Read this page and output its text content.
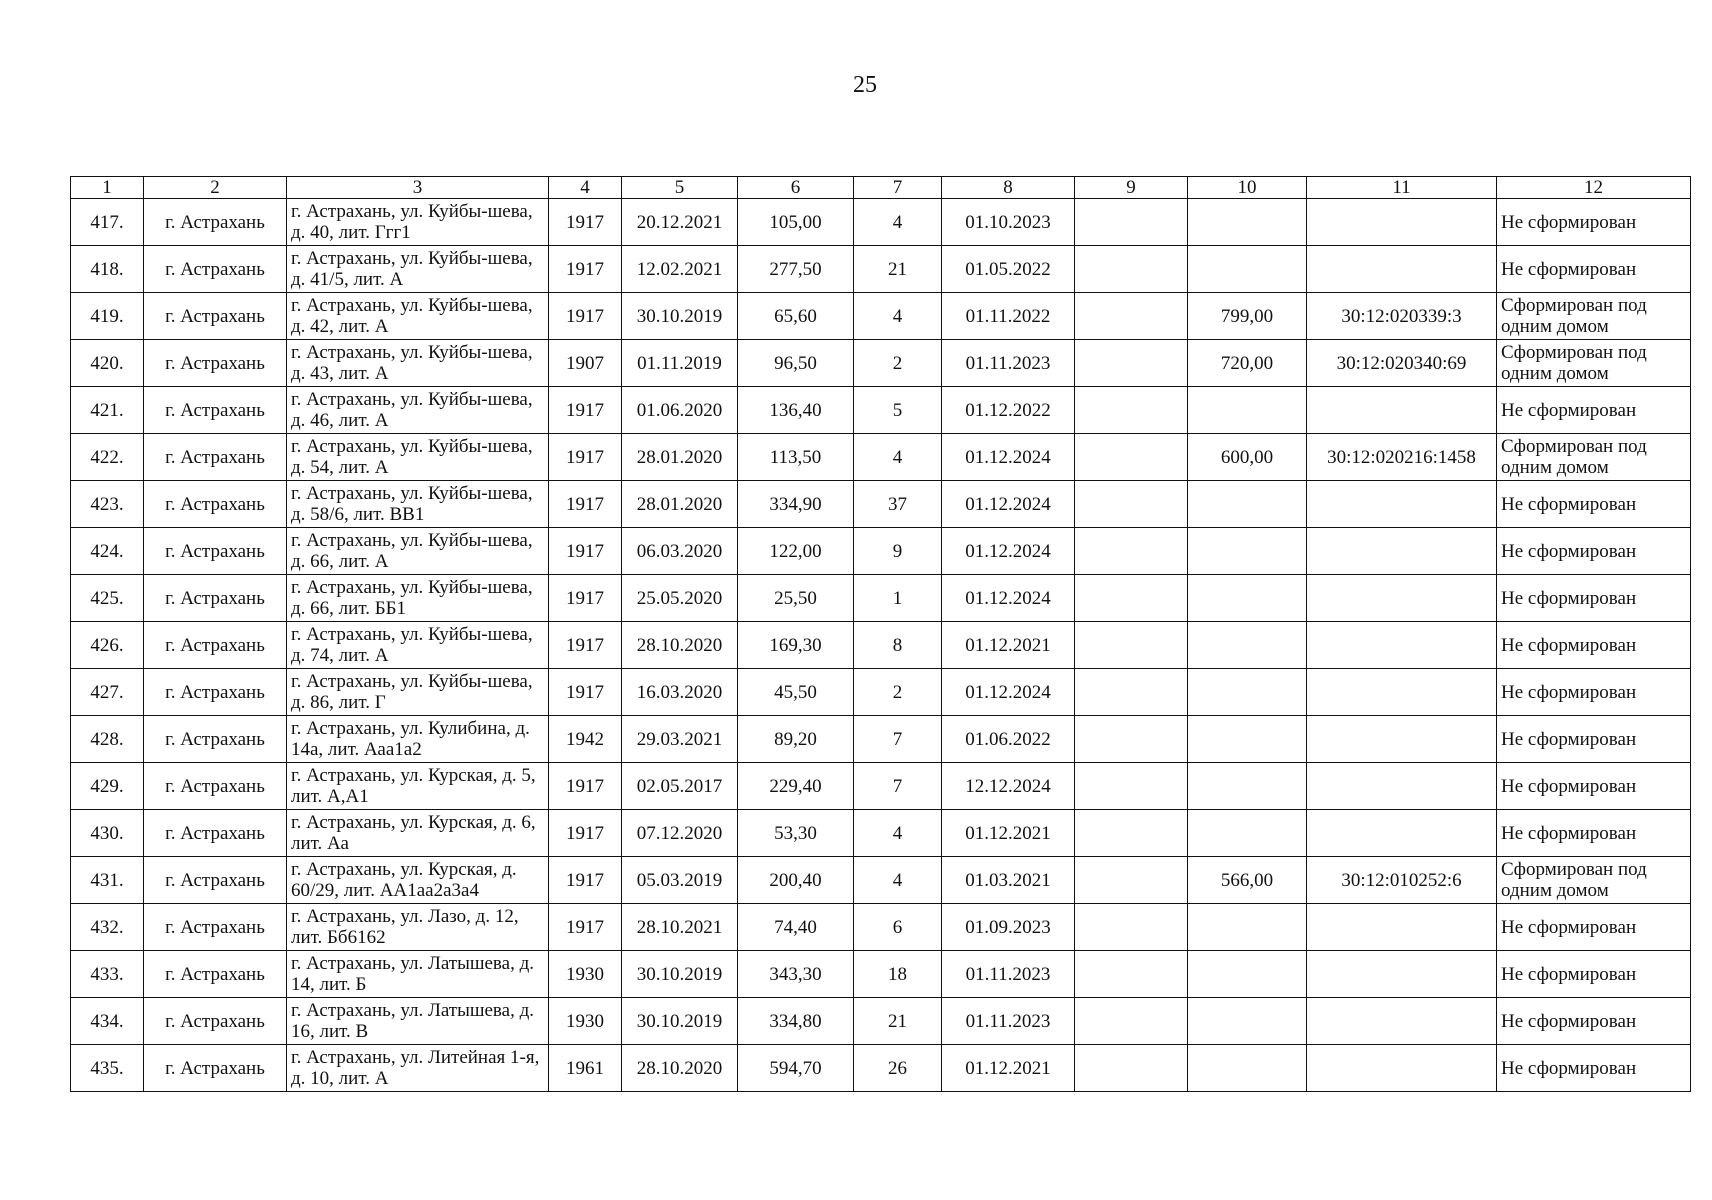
25
1	2	3	4	5	6	7	8	9	10	11	12
417.	г. Астрахань	г. Астрахань, ул. Куйбы-шева, д. 40, лит. Ггг1	1917	20.12.2021	105,00	4	01.10.2023				Не сформирован
418.	г. Астрахань	г. Астрахань, ул. Куйбы-шева, д. 41/5, лит. А	1917	12.02.2021	277,50	21	01.05.2022				Не сформирован
419.	г. Астрахань	г. Астрахань, ул. Куйбы-шева, д. 42, лит. А	1917	30.10.2019	65,60	4	01.11.2022		799,00	30:12:020339:3	Сформирован под одним домом
420.	г. Астрахань	г. Астрахань, ул. Куйбы-шева, д. 43, лит. А	1907	01.11.2019	96,50	2	01.11.2023		720,00	30:12:020340:69	Сформирован под одним домом
421.	г. Астрахань	г. Астрахань, ул. Куйбы-шева, д. 46, лит. А	1917	01.06.2020	136,40	5	01.12.2022				Не сформирован
422.	г. Астрахань	г. Астрахань, ул. Куйбы-шева, д. 54, лит. А	1917	28.01.2020	113,50	4	01.12.2024		600,00	30:12:020216:1458	Сформирован под одним домом
423.	г. Астрахань	г. Астрахань, ул. Куйбы-шева, д. 58/6, лит. ВВ1	1917	28.01.2020	334,90	37	01.12.2024				Не сформирован
424.	г. Астрахань	г. Астрахань, ул. Куйбы-шева, д. 66, лит. А	1917	06.03.2020	122,00	9	01.12.2024				Не сформирован
425.	г. Астрахань	г. Астрахань, ул. Куйбы-шева, д. 66, лит. ББ1	1917	25.05.2020	25,50	1	01.12.2024				Не сформирован
426.	г. Астрахань	г. Астрахань, ул. Куйбы-шева, д. 74, лит. А	1917	28.10.2020	169,30	8	01.12.2021				Не сформирован
427.	г. Астрахань	г. Астрахань, ул. Куйбы-шева, д. 86, лит. Г	1917	16.03.2020	45,50	2	01.12.2024				Не сформирован
428.	г. Астрахань	г. Астрахань, ул. Кулибина, д. 14а, лит. Ааа1а2	1942	29.03.2021	89,20	7	01.06.2022				Не сформирован
429.	г. Астрахань	г. Астрахань, ул. Курская, д. 5, лит. А,А1	1917	02.05.2017	229,40	7	12.12.2024				Не сформирован
430.	г. Астрахань	г. Астрахань, ул. Курская, д. 6, лит. Аа	1917	07.12.2020	53,30	4	01.12.2021				Не сформирован
431.	г. Астрахань	г. Астрахань, ул. Курская, д. 60/29, лит. АА1аа2а3а4	1917	05.03.2019	200,40	4	01.03.2021		566,00	30:12:010252:6	Сформирован под одним домом
432.	г. Астрахань	г. Астрахань, ул. Лазо, д. 12, лит. Бб6162	1917	28.10.2021	74,40	6	01.09.2023				Не сформирован
433.	г. Астрахань	г. Астрахань, ул. Латышева, д. 14, лит. Б	1930	30.10.2019	343,30	18	01.11.2023				Не сформирован
434.	г. Астрахань	г. Астрахань, ул. Латышева, д. 16, лит. В	1930	30.10.2019	334,80	21	01.11.2023				Не сформирован
435.	г. Астрахань	г. Астрахань, ул. Литейная 1-я, д. 10, лит. А	1961	28.10.2020	594,70	26	01.12.2021				Не сформирован
